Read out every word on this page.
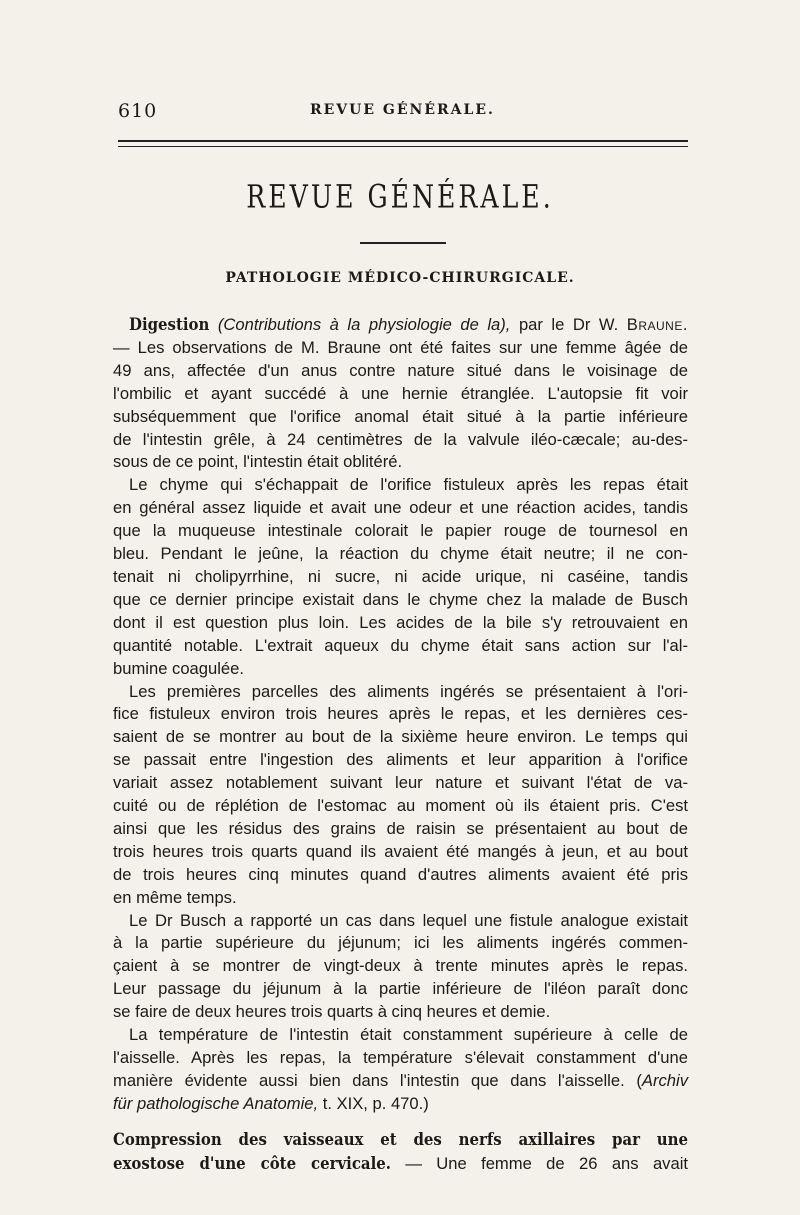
610	REVUE GÉNÉRALE.
REVUE GÉNÉRALE.
PATHOLOGIE MÉDICO-CHIRURGICALE.
Digestion (Contributions à la physiologie de la), par le Dr W. Braune.
— Les observations de M. Braune ont été faites sur une femme âgée de
49 ans, affectée d'un anus contre nature situé dans le voisinage de
l'ombilic et ayant succédé à une hernie étranglée. L'autopsie fit voir
subséquemment que l'orifice anomal était situé à la partie inférieure
de l'intestin grêle, à 24 centimètres de la valvule iléo-cæcale; au-des-
sous de ce point, l'intestin était oblitéré.
Le chyme qui s'échappait de l'orifice fistuleux après les repas était
en général assez liquide et avait une odeur et une réaction acides, tandis
que la muqueuse intestinale colorait le papier rouge de tournesol en
bleu. Pendant le jeûne, la réaction du chyme était neutre; il ne con-
tenait ni cholipyrrhine, ni sucre, ni acide urique, ni caséine, tandis
que ce dernier principe existait dans le chyme chez la malade de Busch
dont il est question plus loin. Les acides de la bile s'y retrouvaient en
quantité notable. L'extrait aqueux du chyme était sans action sur l'al-
bumine coagulée.
Les premières parcelles des aliments ingérés se présentaient à l'ori-
fice fistuleux environ trois heures après le repas, et les dernières ces-
saient de se montrer au bout de la sixième heure environ. Le temps qui
se passait entre l'ingestion des aliments et leur apparition à l'orifice
variait assez notablement suivant leur nature et suivant l'état de va-
cuité ou de réplétion de l'estomac au moment où ils étaient pris. C'est
ainsi que les résidus des grains de raisin se présentaient au bout de
trois heures trois quarts quand ils avaient été mangés à jeun, et au bout
de trois heures cinq minutes quand d'autres aliments avaient été pris
en même temps.
Le Dr Busch a rapporté un cas dans lequel une fistule analogue existait
à la partie supérieure du jéjunum; ici les aliments ingérés commen-
çaient à se montrer de vingt-deux à trente minutes après le repas.
Leur passage du jéjunum à la partie inférieure de l'iléon paraît donc
se faire de deux heures trois quarts à cinq heures et demie.
La température de l'intestin était constamment supérieure à celle de
l'aisselle. Après les repas, la température s'élevait constamment d'une
manière évidente aussi bien dans l'intestin que dans l'aisselle. (Archiv
für pathologische Anatomie, t. XIX, p. 470.)
Compression des vaisseaux et des nerfs axillaires par une
exostose d'une côte cervicale. — Une femme de 26 ans avait
